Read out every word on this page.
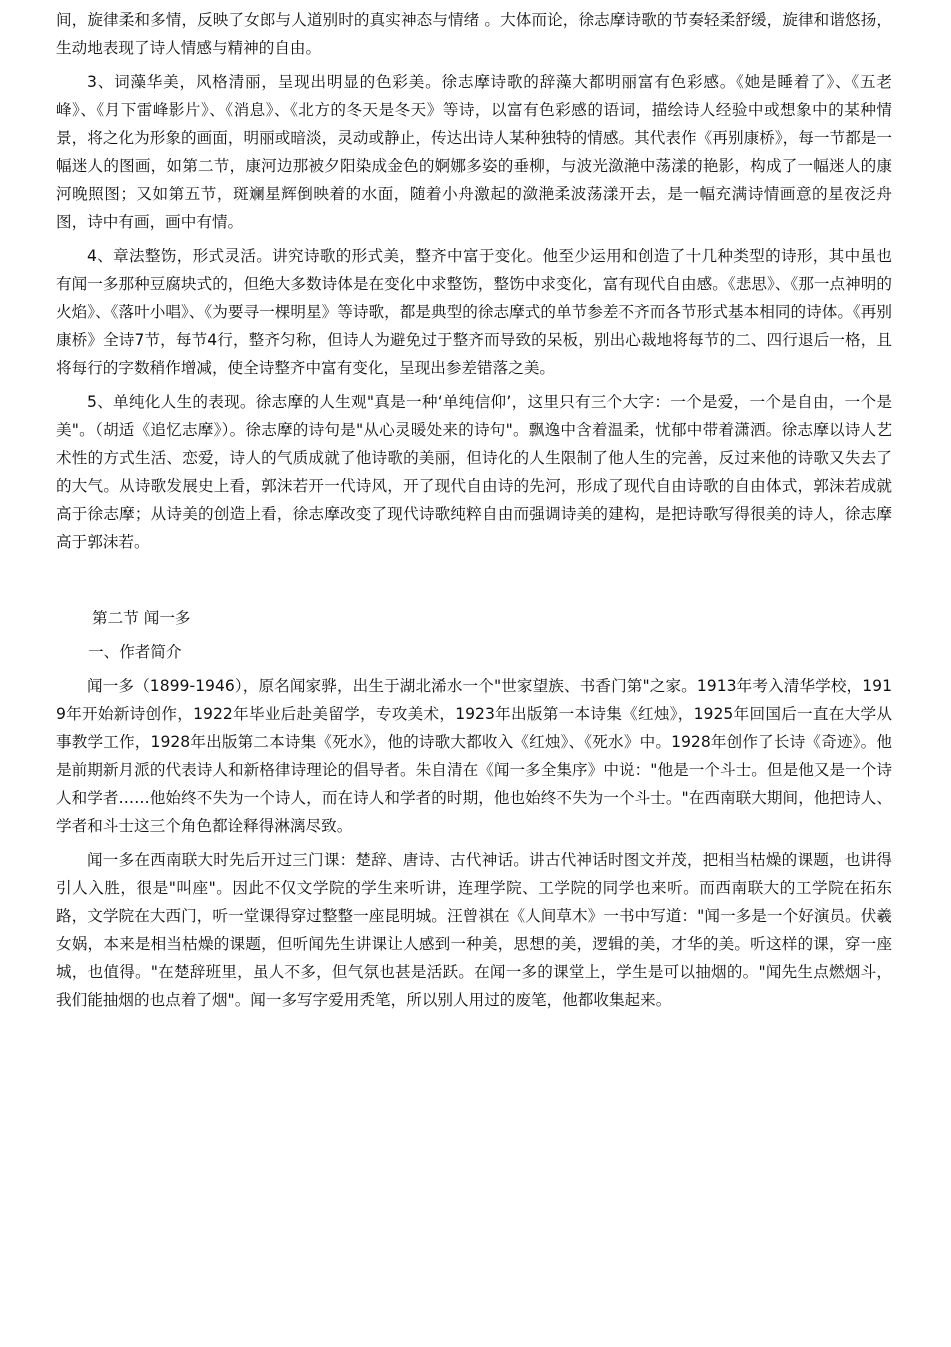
间，旋律柔和多情，反映了女郎与人道别时的真实神态与情绪 。大体而论，徐志摩诗歌的节奏轻柔舒缓，旋律和谐悠扬，生动地表现了诗人情感与精神的自由。

3、词藻华美，风格清丽，呈现出明显的色彩美。徐志摩诗歌的辞藻大都明丽富有色彩感。《她是睡着了》、《五老峰》、《月下雷峰影片》、《消息》、《北方的冬天是冬天》等诗，以富有色彩感的语词，描绘诗人经验中或想象中的某种情景，将之化为形象的画面，明丽或暗淡，灵动或静止，传达出诗人某种独特的情感。其代表作《再别康桥》，每一节都是一幅迷人的图画，如第二节，康河边那被夕阳染成金色的婀娜多姿的垂柳，与波光潋滟中荡漾的艳影，构成了一幅迷人的康河晚照图；又如第五节，斑斓星辉倒映着的水面，随着小舟激起的潋滟柔波荡漾开去，是一幅充满诗情画意的星夜泛舟图，诗中有画，画中有情。

4、章法整饬，形式灵活。讲究诗歌的形式美，整齐中富于变化。他至少运用和创造了十几种类型的诗形，其中虽也有闻一多那种豆腐块式的，但绝大多数诗体是在变化中求整饬，整饬中求变化，富有现代自由感。《悲思》、《那一点神明的火焰》、《落叶小唱》、《为要寻一棵明星》等诗歌，都是典型的徐志摩式的单节参差不齐而各节形式基本相同的诗体。《再别康桥》全诗7节，每节4行，整齐匀称，但诗人为避免过于整齐而导致的呆板，别出心裁地将每节的二、四行退后一格，且将每行的字数稍作增减，使全诗整齐中富有变化，呈现出参差错落之美。

5、单纯化人生的表现。徐志摩的人生观"真是一种‘单纯信仰’，这里只有三个大字：一个是爱，一个是自由，一个是美"。（胡适《追忆志摩》）。徐志摩的诗句是"从心灵暖处来的诗句"。飘逸中含着温柔，忧郁中带着潇洒。徐志摩以诗人艺术性的方式生活、恋爱，诗人的气质成就了他诗歌的美丽，但诗化的人生限制了他人生的完善，反过来他的诗歌又失去了的大气。从诗歌发展史上看，郭沫若开一代诗风，开了现代自由诗的先河，形成了现代自由诗歌的自由体式，郭沫若成就高于徐志摩；从诗美的创造上看，徐志摩改变了现代诗歌纯粹自由而强调诗美的建构，是把诗歌写得很美的诗人，徐志摩高于郭沫若。

第二节 闻一多

一、作者简介

闻一多（1899-1946），原名闻家骅，出生于湖北浠水一个"世家望族、书香门第"之家。1913年考入清华学校，1919年开始新诗创作，1922年毕业后赴美留学，专攻美术，1923年出版第一本诗集《红烛》，1925年回国后一直在大学从事教学工作，1928年出版第二本诗集《死水》，他的诗歌大都收入《红烛》、《死水》中。1928年创作了长诗《奇迹》。他是前期新月派的代表诗人和新格律诗理论的倡导者。朱自清在《闻一多全集序》中说："他是一个斗士。但是他又是一个诗人和学者……他始终不失为一个诗人，而在诗人和学者的时期，他也始终不失为一个斗士。"在西南联大期间，他把诗人、学者和斗士这三个角色都诠释得淋漓尽致。

闻一多在西南联大时先后开过三门课：楚辞、唐诗、古代神话。讲古代神话时图文并茂，把相当枯燥的课题，也讲得引人入胜，很是"叫座"。因此不仅文学院的学生来听讲，连理学院、工学院的同学也来听。而西南联大的工学院在拓东路，文学院在大西门，听一堂课得穿过整整一座昆明城。汪曾祺在《人间草木》一书中写道："闻一多是一个好演员。伏羲女娲，本来是相当枯燥的课题，但听闻先生讲课让人感到一种美，思想的美，逻辑的美，才华的美。听这样的课，穿一座城，也值得。"在楚辞班里，虽人不多，但气氛也甚是活跃。在闻一多的课堂上，学生是可以抽烟的。"闻先生点燃烟斗，我们能抽烟的也点着了烟"。闻一多写字爱用秃笔，所以别人用过的废笔，他都收集起来。
